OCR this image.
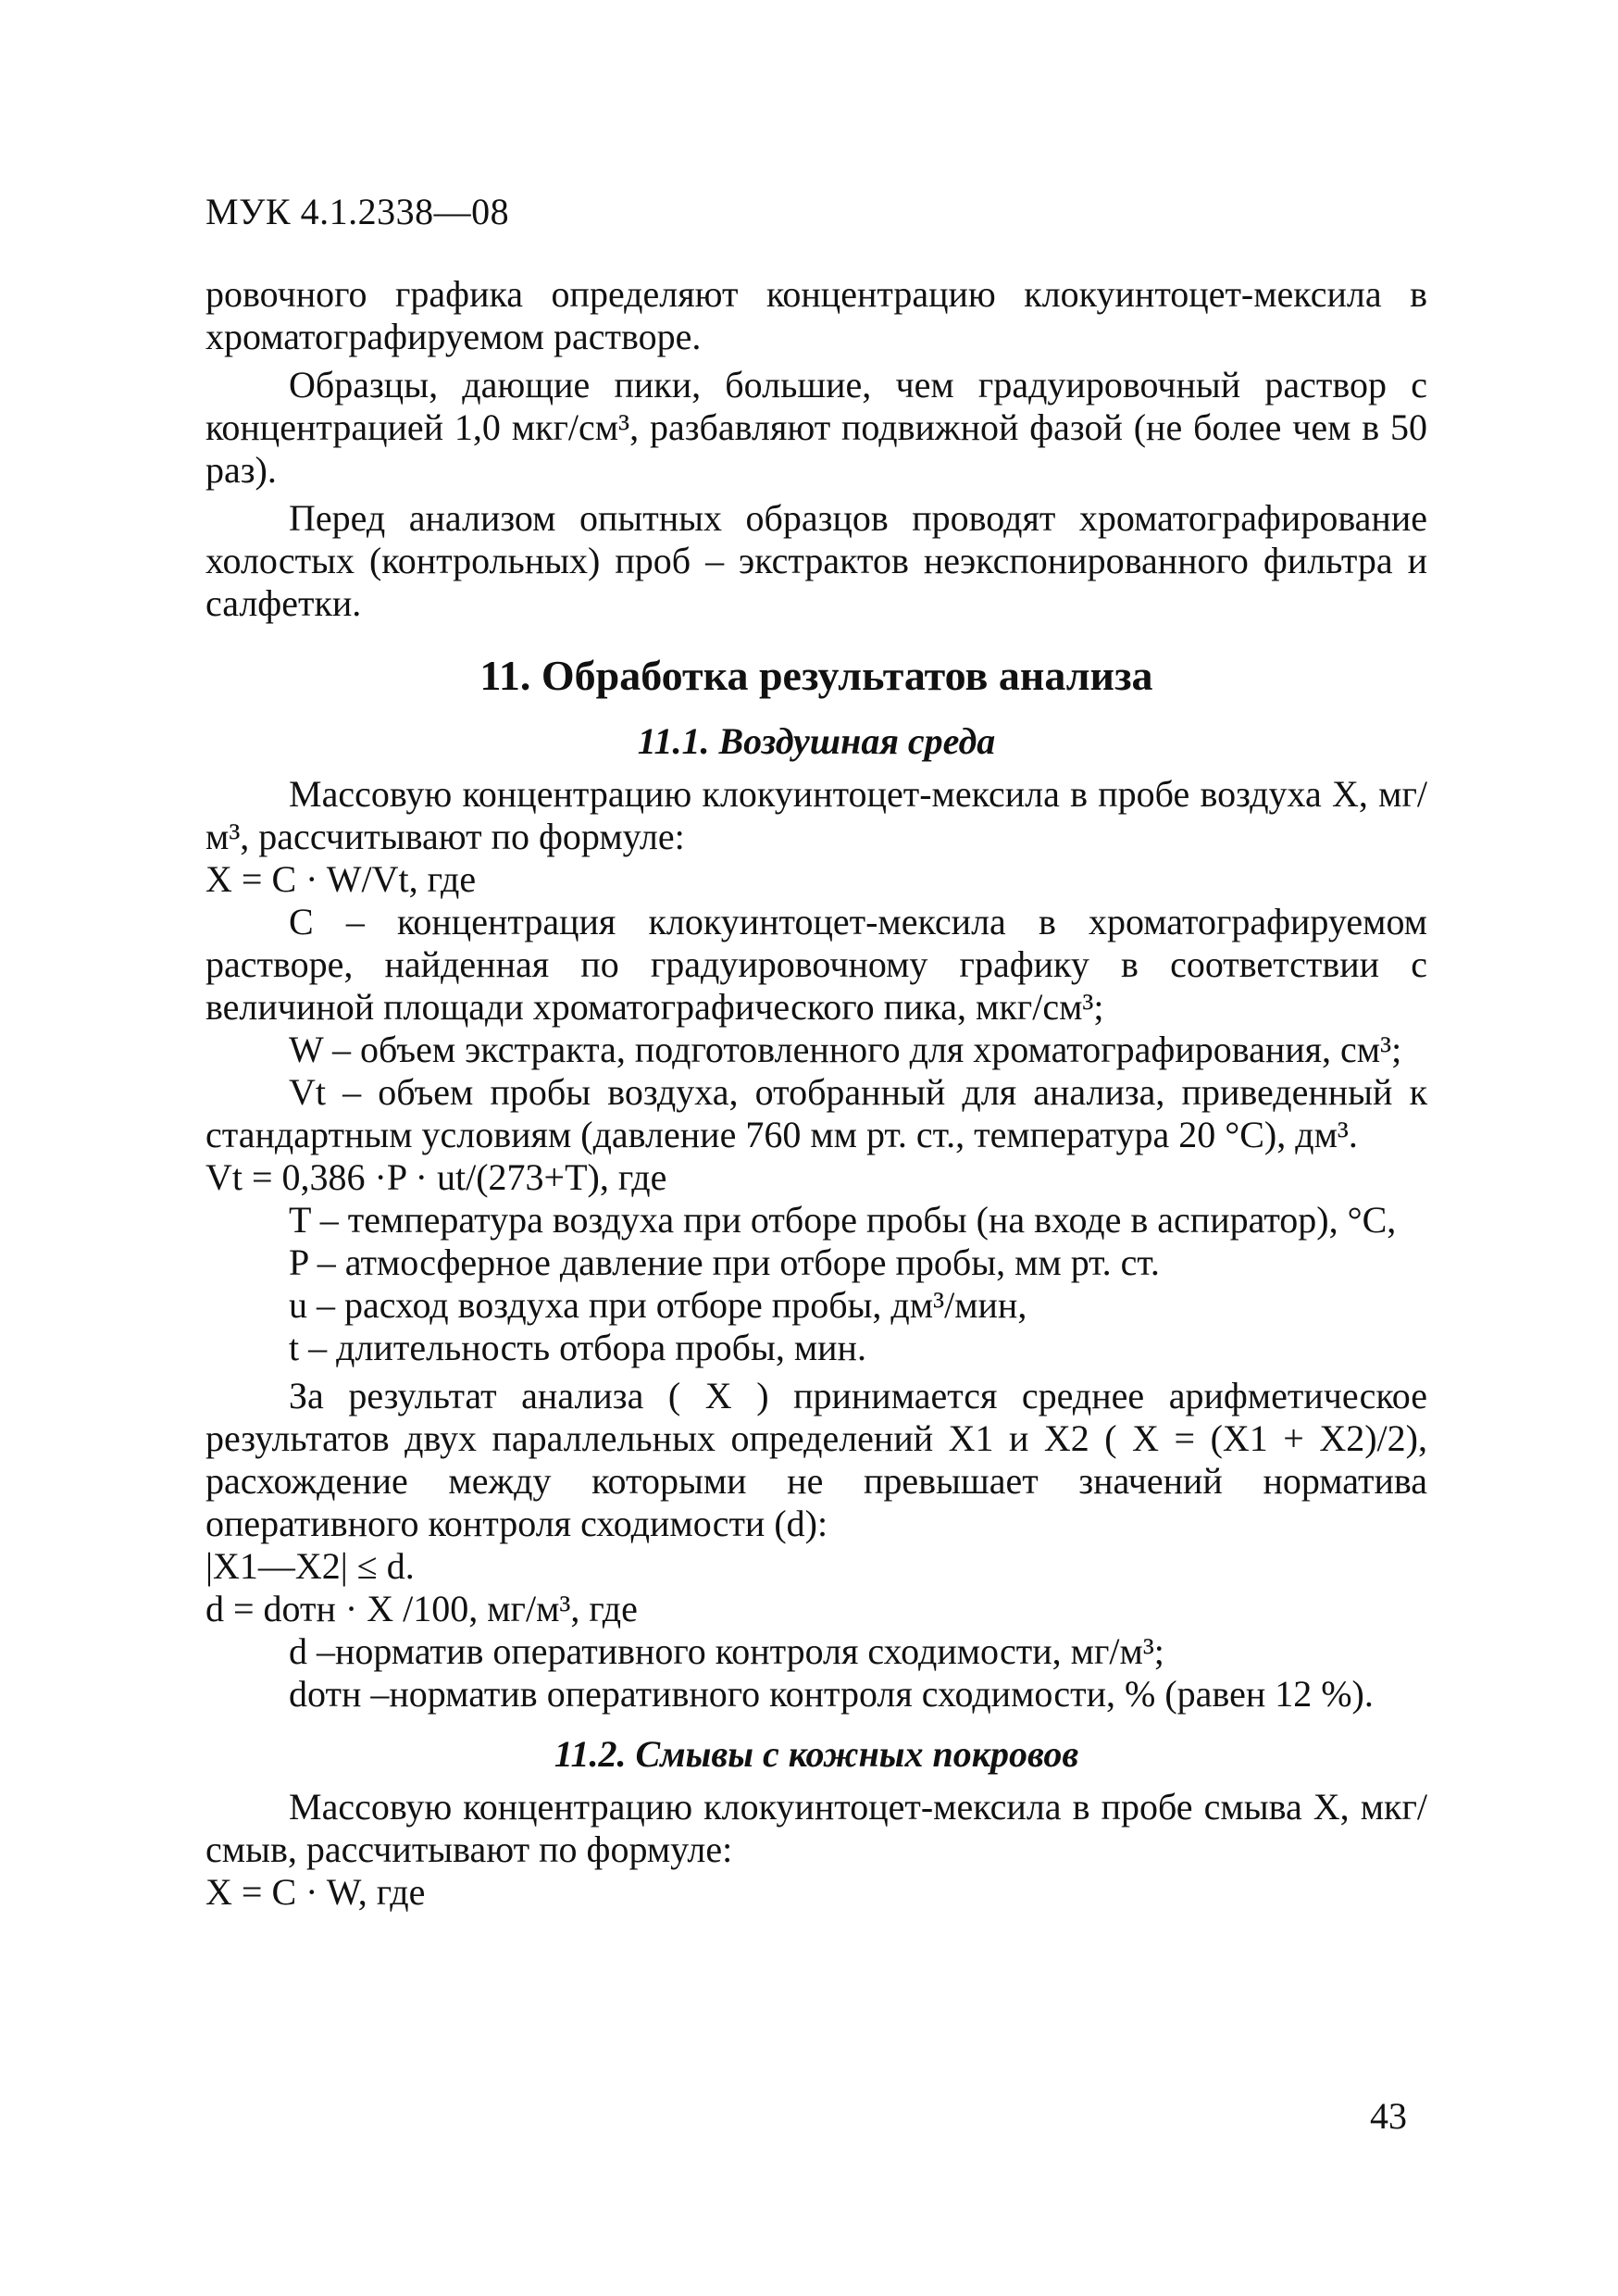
МУК 4.1.2338—08

ровочного графика определяют концентрацию клокуинтоцет-мексила в хроматографируемом растворе.

Образцы, дающие пики, большие, чем градуировочный раствор с концентрацией 1,0 мкг/см³, разбавляют подвижной фазой (не более чем в 50 раз).

Перед анализом опытных образцов проводят хроматографирование холостых (контрольных) проб – экстрактов неэкспонированного фильтра и салфетки.

11. Обработка результатов анализа
11.1. Воздушная среда

Массовую концентрацию клокуинтоцет-мексила в пробе воздуха X, мг/м³, рассчитывают по формуле:

X = C · W/Vt, где

C – концентрация клокуинтоцет-мексила в хроматографируемом растворе, найденная по градуировочному графику в соответствии с величиной площади хроматографического пика, мкг/см³;

W – объем экстракта, подготовленного для хроматографирования, см³;

Vt – объем пробы воздуха, отобранный для анализа, приведенный к стандартным условиям (давление 760 мм рт. ст., температура 20 °С), дм³.

Vt = 0,386 ·P · ut/(273+T), где

T – температура воздуха при отборе пробы (на входе в аспиратор), °С,

P – атмосферное давление при отборе пробы, мм рт. ст.

u – расход воздуха при отборе пробы, дм³/мин,

t – длительность отбора пробы, мин.

За результат анализа ( X ) принимается среднее арифметическое результатов двух параллельных определений X1 и X2 ( X = (X1 + X2)/2), расхождение между которыми не превышает значений норматива оперативного контроля сходимости (d):

|X1—X2| ≤ d.

d = dотн · X /100, мг/м³, где

d –норматив оперативного контроля сходимости, мг/м³;

dотн –норматив оперативного контроля сходимости, % (равен 12 %).

11.2. Смывы с кожных покровов

Массовую концентрацию клокуинтоцет-мексила в пробе смыва X, мкг/смыв, рассчитывают по формуле:

X = C · W, где

43
